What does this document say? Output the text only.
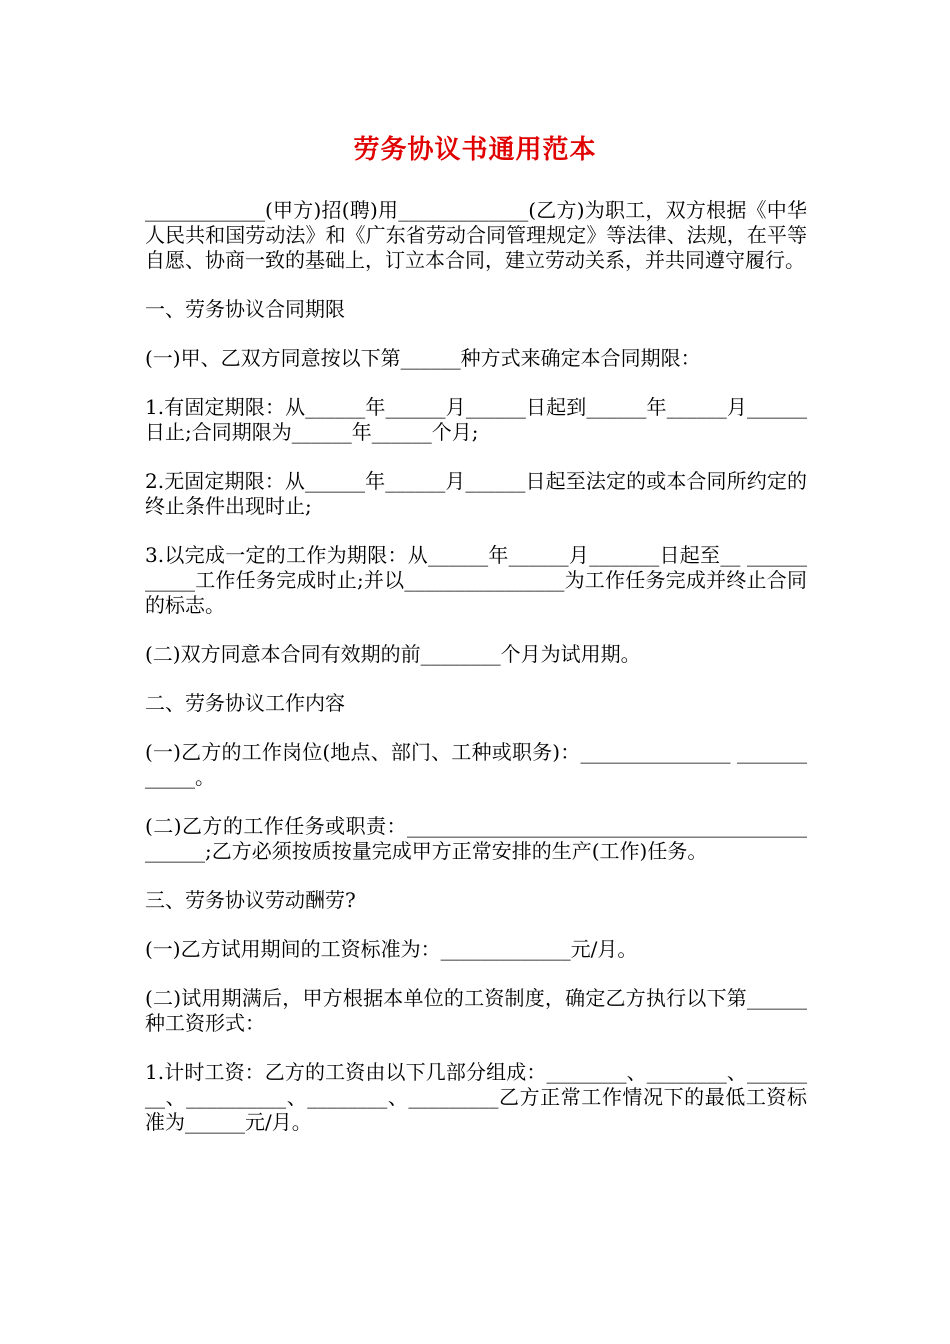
劳务协议书通用范本

____________(甲方)招(聘)用_____________(乙方)为职工，双方根据《中华人民共和国劳动法》和《广东省劳动合同管理规定》等法律、法规，在平等自愿、协商一致的基础上，订立本合同，建立劳动关系，并共同遵守履行。

一、劳务协议合同期限

(一)甲、乙双方同意按以下第______种方式来确定本合同期限：

1.有固定期限：从______年______月______日起到______年______月______日止;合同期限为______年______个月;

2.无固定期限：从______年______月______日起至法定的或本合同所约定的终止条件出现时止;

3.以完成一定的工作为期限：从______年______月_______日起至__ ___________工作任务完成时止;并以________________为工作任务完成并终止合同的标志。

(二)双方同意本合同有效期的前________个月为试用期。

二、劳务协议工作内容

(一)乙方的工作岗位(地点、部门、工种或职务)：_______________ ____________。

(二)乙方的工作任务或职责：______________________________________________;乙方必须按质按量完成甲方正常安排的生产(工作)任务。

三、劳务协议劳动酬劳?

(一)乙方试用期间的工资标准为：_____________元/月。

(二)试用期满后，甲方根据本单位的工资制度，确定乙方执行以下第______种工资形式：

1.计时工资：乙方的工资由以下几部分组成：________、________、________、__________、________、_________乙方正常工作情况下的最低工资标准为______元/月。
